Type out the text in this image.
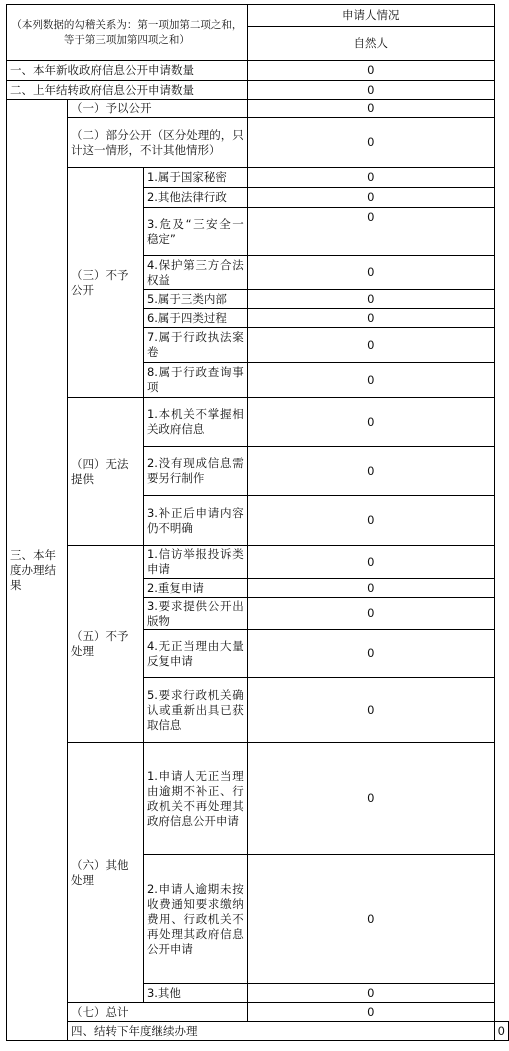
（本列数据的勾稽关系为：第一项加第二项之和，等于第三项加第四项之和）			申请人情况	
			自然人	
一、本年新收政府信息公开申请数量			0	
二、上年结转政府信息公开申请数量			0	
三、本年度办理结果	（一）予以公开		0	
	（二）部分公开（区分处理的，只计这一情形，不计其他情形）		0	
	（三）不予公开	1.属于国家秘密	0	
		2.其他法律行政	0	
		3.危及“三安全一稳定”	0	
		4.保护第三方合法权益	0	
		5.属于三类内部	0	
		6.属于四类过程	0	
		7.属于行政执法案卷	0	
		8.属于行政查询事项	0	
	（四）无法提供	1.本机关不掌握相关政府信息	0	
		2.没有现成信息需要另行制作	0	
		3.补正后申请内容仍不明确	0	
	（五）不予处理	1.信访举报投诉类申请	0	
		2.重复申请	0	
		3.要求提供公开出版物	0	
		4.无正当理由大量反复申请	0	
		5.要求行政机关确认或重新出具已获取信息	0	
	（六）其他处理	1.申请人无正当理由逾期不补正、行政机关不再处理其政府信息公开申请	0	
		2.申请人逾期未按收费通知要求缴纳费用、行政机关不再处理其政府信息公开申请	0	
		3.其他	0	
	（七）总计		0	
	四、结转下年度继续办理			0
